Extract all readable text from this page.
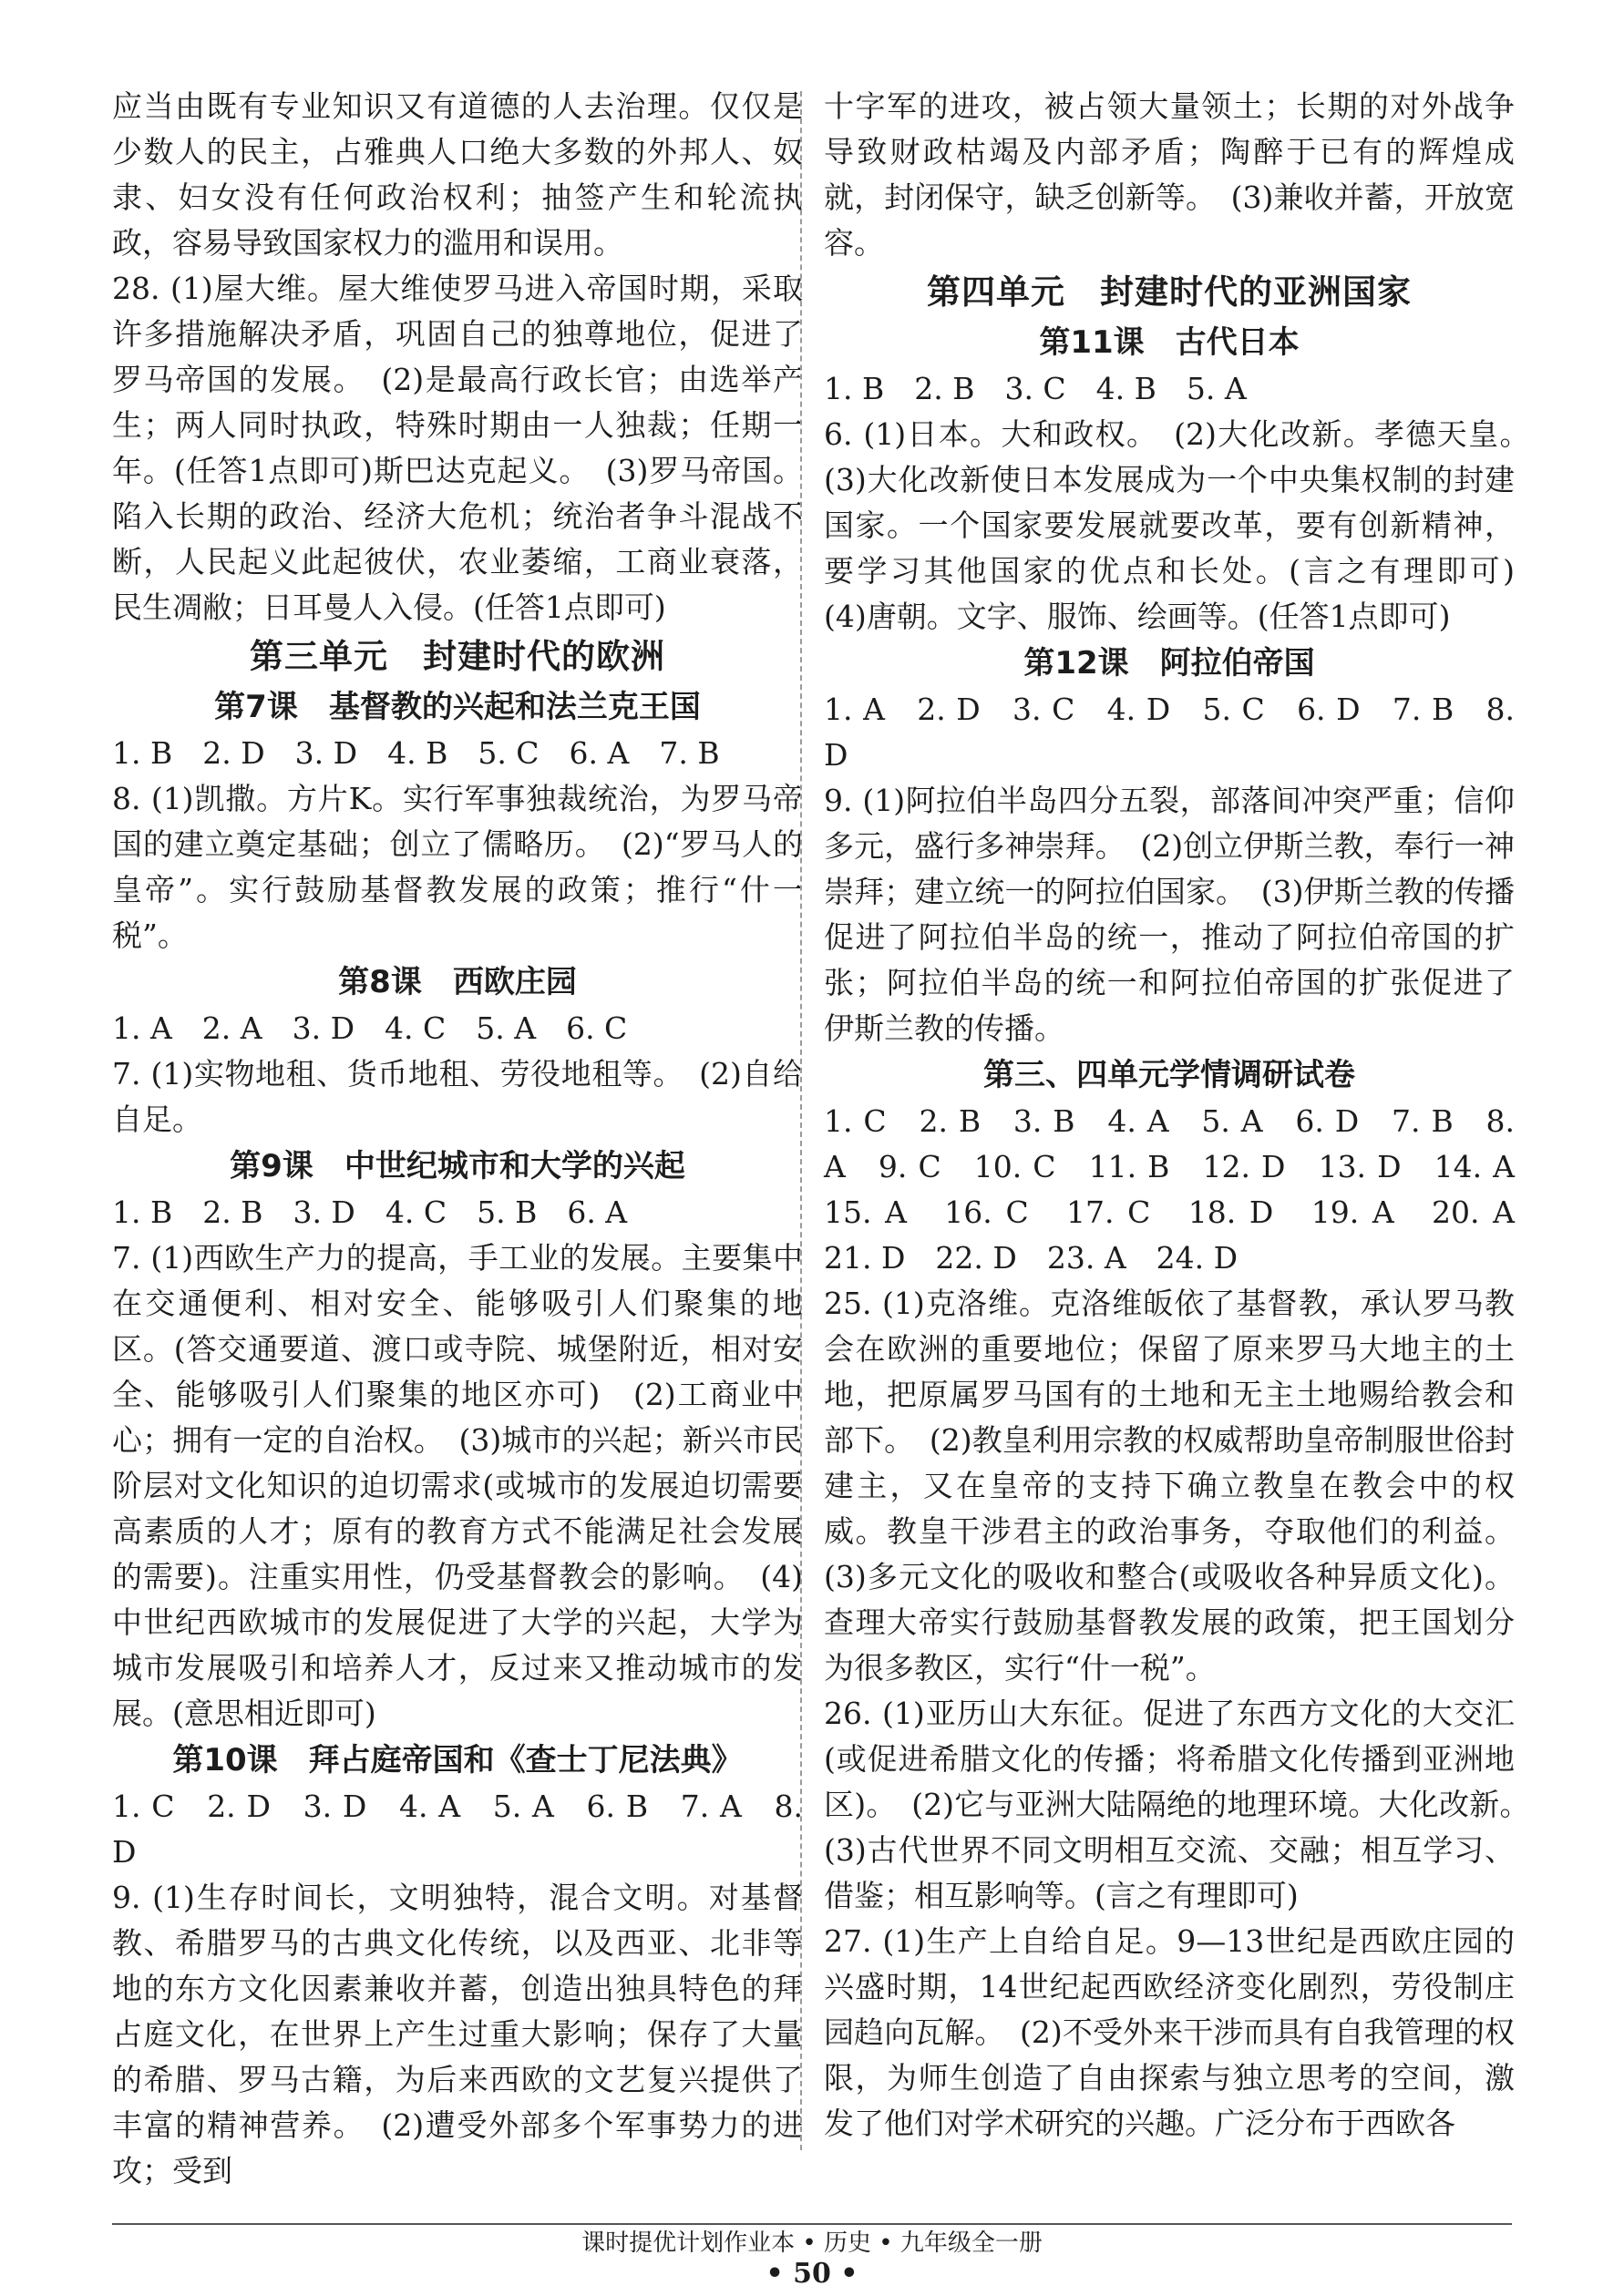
应当由既有专业知识又有道德的人去治理。仅仅是少数人的民主，占雅典人口绝大多数的外邦人、奴隶、妇女没有任何政治权利；抽签产生和轮流执政，容易导致国家权力的滥用和误用。

28. (1)屋大维。屋大维使罗马进入帝国时期，采取许多措施解决矛盾，巩固自己的独尊地位，促进了罗马帝国的发展。　(2)是最高行政长官；由选举产生；两人同时执政，特殊时期由一人独裁；任期一年。(任答1点即可)斯巴达克起义。　(3)罗马帝国。陷入长期的政治、经济大危机；统治者争斗混战不断，人民起义此起彼伏，农业萎缩，工商业衰落，民生凋敝；日耳曼人入侵。(任答1点即可)

第三单元　封建时代的欧洲
第7课　基督教的兴起和法兰克王国

1. B　2. D　3. D　4. B　5. C　6. A　7. B

8. (1)凯撒。方片K。实行军事独裁统治，为罗马帝国的建立奠定基础；创立了儒略历。　(2)“罗马人的皇帝”。实行鼓励基督教发展的政策；推行“什一税”。

第8课　西欧庄园

1. A　2. A　3. D　4. C　5. A　6. C

7. (1)实物地租、货币地租、劳役地租等。　(2)自给自足。

第9课　中世纪城市和大学的兴起

1. B　2. B　3. D　4. C　5. B　6. A

7. (1)西欧生产力的提高，手工业的发展。主要集中在交通便利、相对安全、能够吸引人们聚集的地区。(答交通要道、渡口或寺院、城堡附近，相对安全、能够吸引人们聚集的地区亦可)　(2)工商业中心；拥有一定的自治权。　(3)城市的兴起；新兴市民阶层对文化知识的迫切需求(或城市的发展迫切需要高素质的人才；原有的教育方式不能满足社会发展的需要)。注重实用性，仍受基督教会的影响。　(4)中世纪西欧城市的发展促进了大学的兴起，大学为城市发展吸引和培养人才，反过来又推动城市的发展。(意思相近即可)

第10课　拜占庭帝国和《查士丁尼法典》

1. C　2. D　3. D　4. A　5. A　6. B　7. A　8. D

9. (1)生存时间长，文明独特，混合文明。对基督教、希腊罗马的古典文化传统，以及西亚、北非等地的东方文化因素兼收并蓄，创造出独具特色的拜占庭文化，在世界上产生过重大影响；保存了大量的希腊、罗马古籍，为后来西欧的文艺复兴提供了丰富的精神营养。　(2)遭受外部多个军事势力的进攻；受到

十字军的进攻，被占领大量领土；长期的对外战争导致财政枯竭及内部矛盾；陶醉于已有的辉煌成就，封闭保守，缺乏创新等。　(3)兼收并蓄，开放宽容。

第四单元　封建时代的亚洲国家
第11课　古代日本

1. B　2. B　3. C　4. B　5. A

6. (1)日本。大和政权。　(2)大化改新。孝德天皇。　(3)大化改新使日本发展成为一个中央集权制的封建国家。一个国家要发展就要改革，要有创新精神，要学习其他国家的优点和长处。(言之有理即可)　(4)唐朝。文字、服饰、绘画等。(任答1点即可)

第12课　阿拉伯帝国

1. A　2. D　3. C　4. D　5. C　6. D　7. B　8. D

9. (1)阿拉伯半岛四分五裂，部落间冲突严重；信仰多元，盛行多神崇拜。　(2)创立伊斯兰教，奉行一神崇拜；建立统一的阿拉伯国家。　(3)伊斯兰教的传播促进了阿拉伯半岛的统一，推动了阿拉伯帝国的扩张；阿拉伯半岛的统一和阿拉伯帝国的扩张促进了伊斯兰教的传播。

第三、四单元学情调研试卷

1. C　2. B　3. B　4. A　5. A　6. D　7. B　8. A　9. C　10. C　11. B　12. D　13. D　14. A　15. A　16. C　17. C　18. D　19. A　20. A　21. D　22. D　23. A　24. D

25. (1)克洛维。克洛维皈依了基督教，承认罗马教会在欧洲的重要地位；保留了原来罗马大地主的土地，把原属罗马国有的土地和无主土地赐给教会和部下。　(2)教皇利用宗教的权威帮助皇帝制服世俗封建主，又在皇帝的支持下确立教皇在教会中的权威。教皇干涉君主的政治事务，夺取他们的利益。(3)多元文化的吸收和整合(或吸收各种异质文化)。查理大帝实行鼓励基督教发展的政策，把王国划分为很多教区，实行“什一税”。

26. (1)亚历山大东征。促进了东西方文化的大交汇(或促进希腊文化的传播；将希腊文化传播到亚洲地区)。　(2)它与亚洲大陆隔绝的地理环境。大化改新。　(3)古代世界不同文明相互交流、交融；相互学习、借鉴；相互影响等。(言之有理即可)

27. (1)生产上自给自足。9—13世纪是西欧庄园的兴盛时期，14世纪起西欧经济变化剧烈，劳役制庄园趋向瓦解。　(2)不受外来干涉而具有自我管理的权限，为师生创造了自由探索与独立思考的空间，激发了他们对学术研究的兴趣。广泛分布于西欧各

课时提优计划作业本 • 历史 • 九年级全一册
• 50 •
